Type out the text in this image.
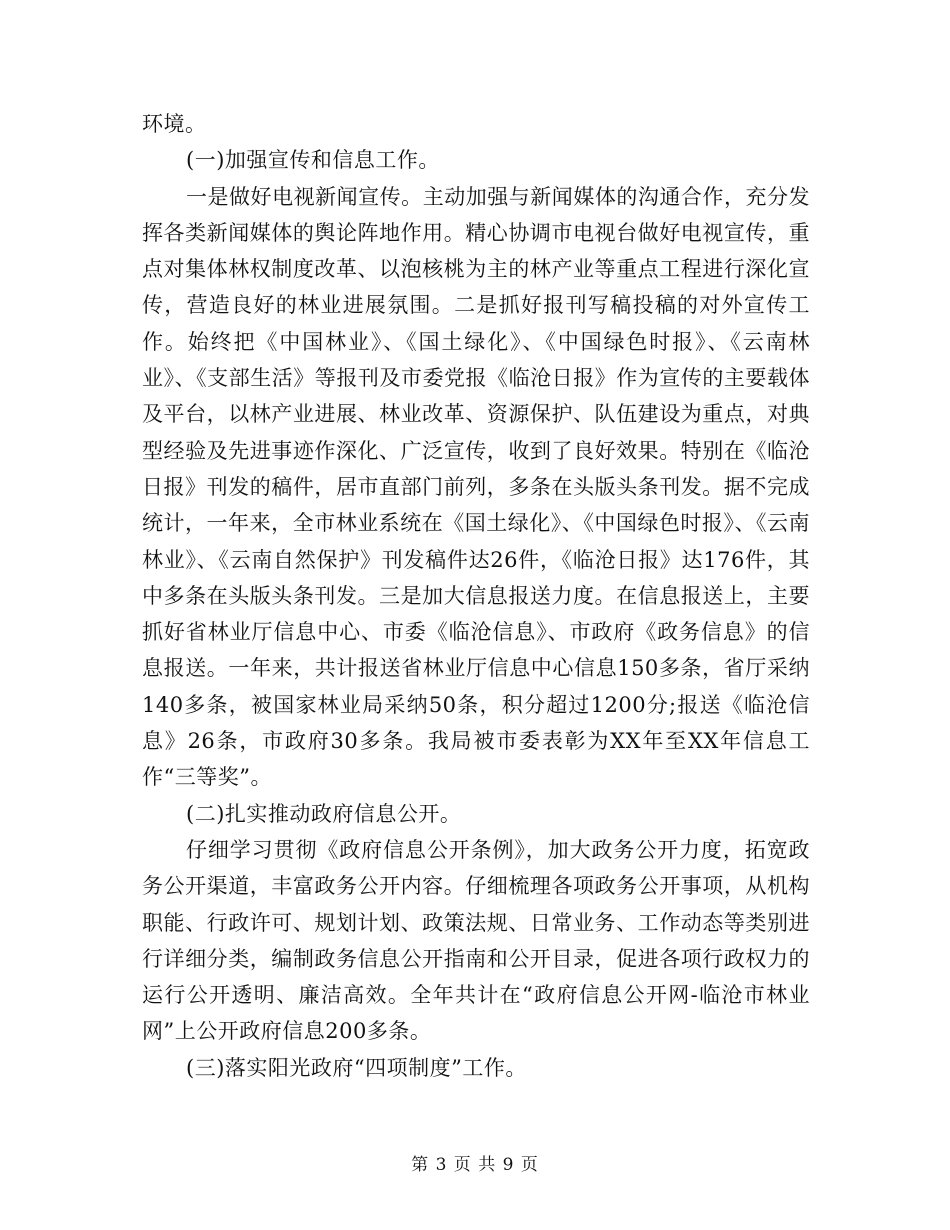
环境。

(一)加强宣传和信息工作。

一是做好电视新闻宣传。主动加强与新闻媒体的沟通合作，充分发挥各类新闻媒体的舆论阵地作用。精心协调市电视台做好电视宣传，重点对集体林权制度改革、以泡核桃为主的林产业等重点工程进行深化宣传，营造良好的林业进展氛围。二是抓好报刊写稿投稿的对外宣传工作。始终把《中国林业》、《国土绿化》、《中国绿色时报》、《云南林业》、《支部生活》等报刊及市委党报《临沧日报》作为宣传的主要载体及平台，以林产业进展、林业改革、资源保护、队伍建设为重点，对典型经验及先进事迹作深化、广泛宣传，收到了良好效果。特别在《临沧日报》刊发的稿件，居市直部门前列，多条在头版头条刊发。据不完成统计，一年来，全市林业系统在《国土绿化》、《中国绿色时报》、《云南林业》、《云南自然保护》刊发稿件达26件，《临沧日报》达176件，其中多条在头版头条刊发。三是加大信息报送力度。在信息报送上，主要抓好省林业厅信息中心、市委《临沧信息》、市政府《政务信息》的信息报送。一年来，共计报送省林业厅信息中心信息150多条，省厅采纳140多条，被国家林业局采纳50条，积分超过1200分;报送《临沧信息》26条，市政府30多条。我局被市委表彰为XX年至XX年信息工作“三等奖”。

(二)扎实推动政府信息公开。

仔细学习贯彻《政府信息公开条例》，加大政务公开力度，拓宽政务公开渠道，丰富政务公开内容。仔细梳理各项政务公开事项，从机构职能、行政许可、规划计划、政策法规、日常业务、工作动态等类别进行详细分类，编制政务信息公开指南和公开目录，促进各项行政权力的运行公开透明、廉洁高效。全年共计在“政府信息公开网-临沧市林业网”上公开政府信息200多条。

(三)落实阳光政府“四项制度”工作。

第 3 页 共 9 页
